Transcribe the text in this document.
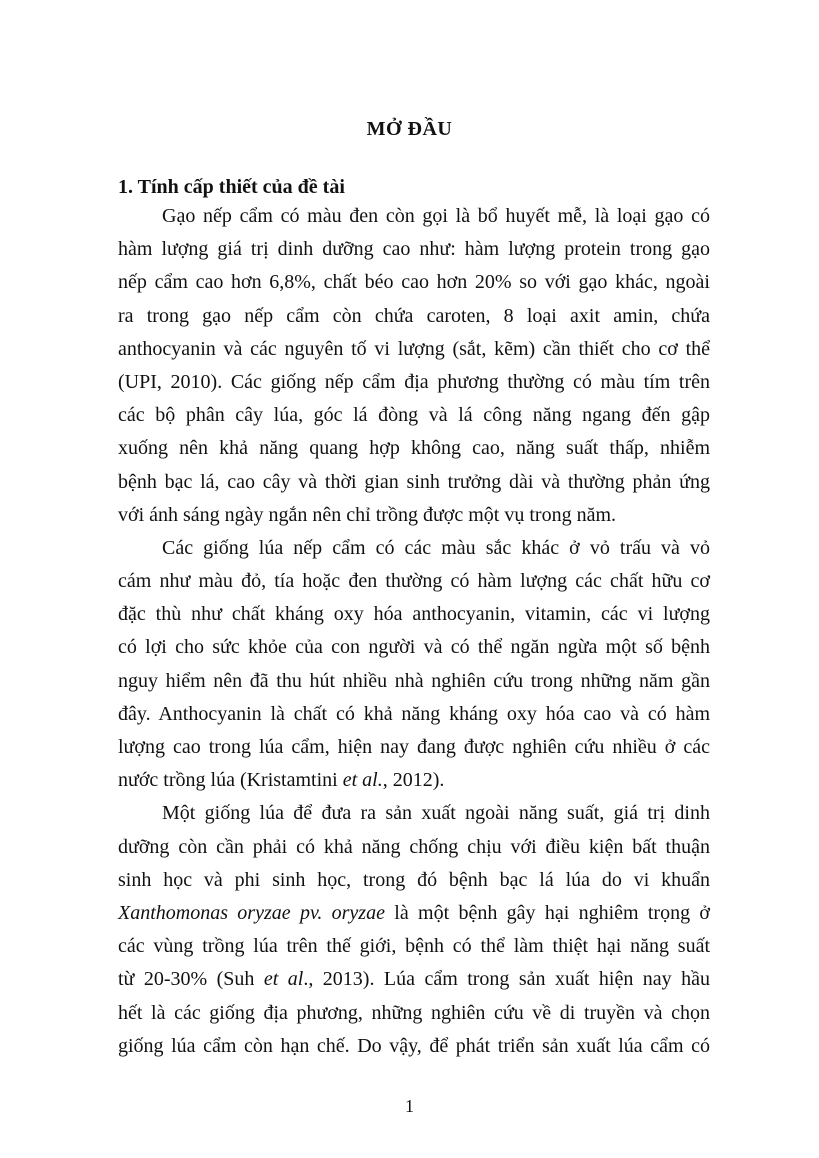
MỞ ĐẦU
1. Tính cấp thiết của đề tài
Gạo nếp cẩm có màu đen còn gọi là bổ huyết mễ, là loại gạo có
hàm lượng giá trị dinh dưỡng cao như: hàm lượng protein trong gạo
nếp cẩm cao hơn 6,8%, chất béo cao hơn 20% so với gạo khác, ngoài
ra trong gạo nếp cẩm còn chứa caroten, 8 loại axit amin, chứa
anthocyanin và các nguyên tố vi lượng (sắt, kẽm) cần thiết cho cơ thể
(UPI, 2010). Các giống nếp cẩm địa phương thường có màu tím trên
các bộ phân cây lúa, góc lá đòng và lá công năng ngang đến gập
xuống nên khả năng quang hợp không cao, năng suất thấp, nhiễm
bệnh bạc lá, cao cây và thời gian sinh trưởng dài và thường phản ứng
với ánh sáng ngày ngắn nên chỉ trồng được một vụ trong năm.
Các giống lúa nếp cẩm có các màu sắc khác ở vỏ trấu và vỏ
cám như màu đỏ, tía hoặc đen thường có hàm lượng các chất hữu cơ
đặc thù như chất kháng oxy hóa anthocyanin, vitamin, các vi lượng
có lợi cho sức khỏe của con người và có thể ngăn ngừa một số bệnh
nguy hiểm nên đã thu hút nhiều nhà nghiên cứu trong những năm gần
đây. Anthocyanin là chất có khả năng kháng oxy hóa cao và có hàm
lượng cao trong lúa cẩm, hiện nay đang được nghiên cứu nhiều ở các
nước trồng lúa (Kristamtini et al., 2012).
Một giống lúa để đưa ra sản xuất ngoài năng suất, giá trị dinh
dưỡng còn cần phải có khả năng chống chịu với điều kiện bất thuận
sinh học và phi sinh học, trong đó bệnh bạc lá lúa do vi khuẩn
Xanthomonas oryzae pv. oryzae là một bệnh gây hại nghiêm trọng ở
các vùng trồng lúa trên thế giới, bệnh có thể làm thiệt hại năng suất
từ 20-30% (Suh et al., 2013). Lúa cẩm trong sản xuất hiện nay hầu
hết là các giống địa phương, những nghiên cứu về di truyền và chọn
giống lúa cẩm còn hạn chế. Do vậy, để phát triển sản xuất lúa cẩm có
1
